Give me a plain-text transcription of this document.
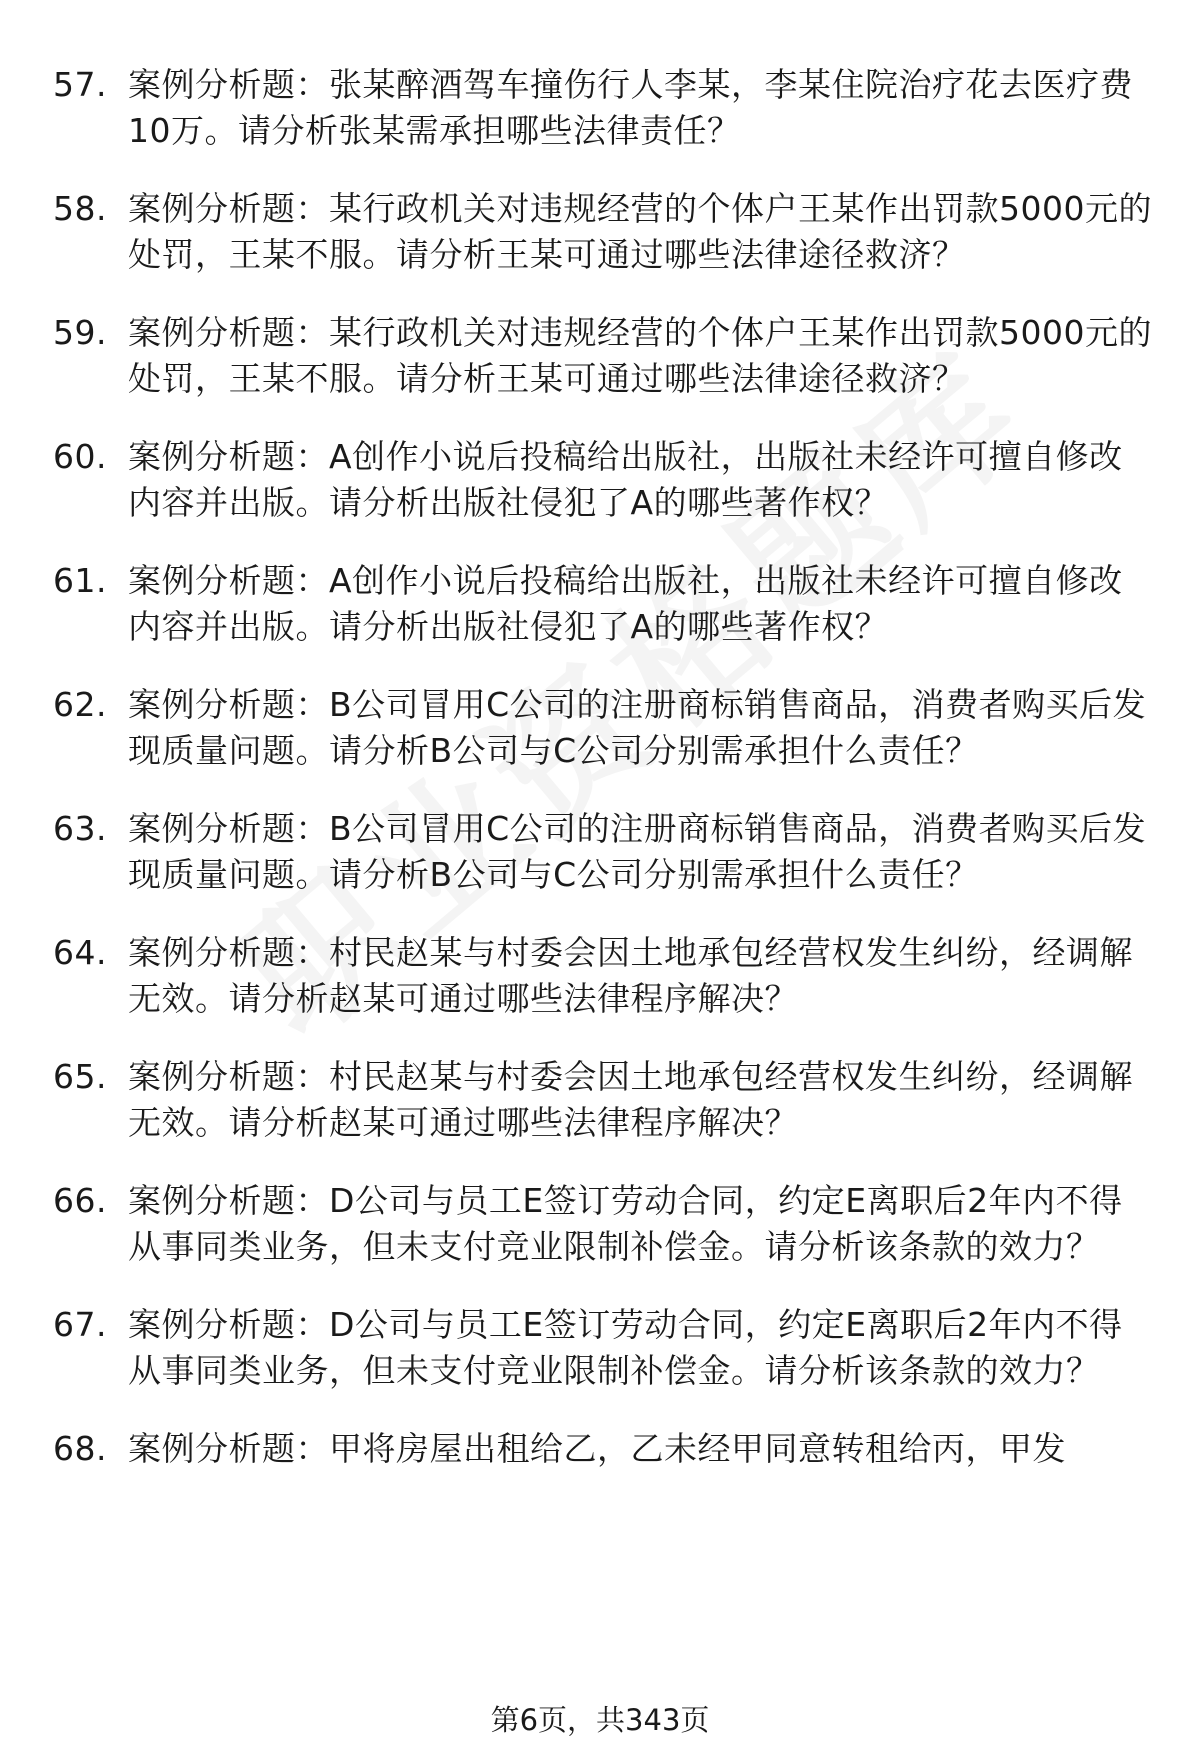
57. 案例分析题：张某醉酒驾车撞伤行人李某，李某住院治疗花去医疗费10万。请分析张某需承担哪些法律责任？
58. 案例分析题：某行政机关对违规经营的个体户王某作出罚款5000元的处罚，王某不服。请分析王某可通过哪些法律途径救济？
59. 案例分析题：某行政机关对违规经营的个体户王某作出罚款5000元的处罚，王某不服。请分析王某可通过哪些法律途径救济？
60. 案例分析题：A创作小说后投稿给出版社，出版社未经许可擅自修改内容并出版。请分析出版社侵犯了A的哪些著作权？
61. 案例分析题：A创作小说后投稿给出版社，出版社未经许可擅自修改内容并出版。请分析出版社侵犯了A的哪些著作权？
62. 案例分析题：B公司冒用C公司的注册商标销售商品，消费者购买后发现质量问题。请分析B公司与C公司分别需承担什么责任？
63. 案例分析题：B公司冒用C公司的注册商标销售商品，消费者购买后发现质量问题。请分析B公司与C公司分别需承担什么责任？
64. 案例分析题：村民赵某与村委会因土地承包经营权发生纠纷，经调解无效。请分析赵某可通过哪些法律程序解决？
65. 案例分析题：村民赵某与村委会因土地承包经营权发生纠纷，经调解无效。请分析赵某可通过哪些法律程序解决？
66. 案例分析题：D公司与员工E签订劳动合同，约定E离职后2年内不得从事同类业务，但未支付竞业限制补偿金。请分析该条款的效力？
67. 案例分析题：D公司与员工E签订劳动合同，约定E离职后2年内不得从事同类业务，但未支付竞业限制补偿金。请分析该条款的效力？
68. 案例分析题：甲将房屋出租给乙，乙未经甲同意转租给丙，甲发
第6页，共343页
